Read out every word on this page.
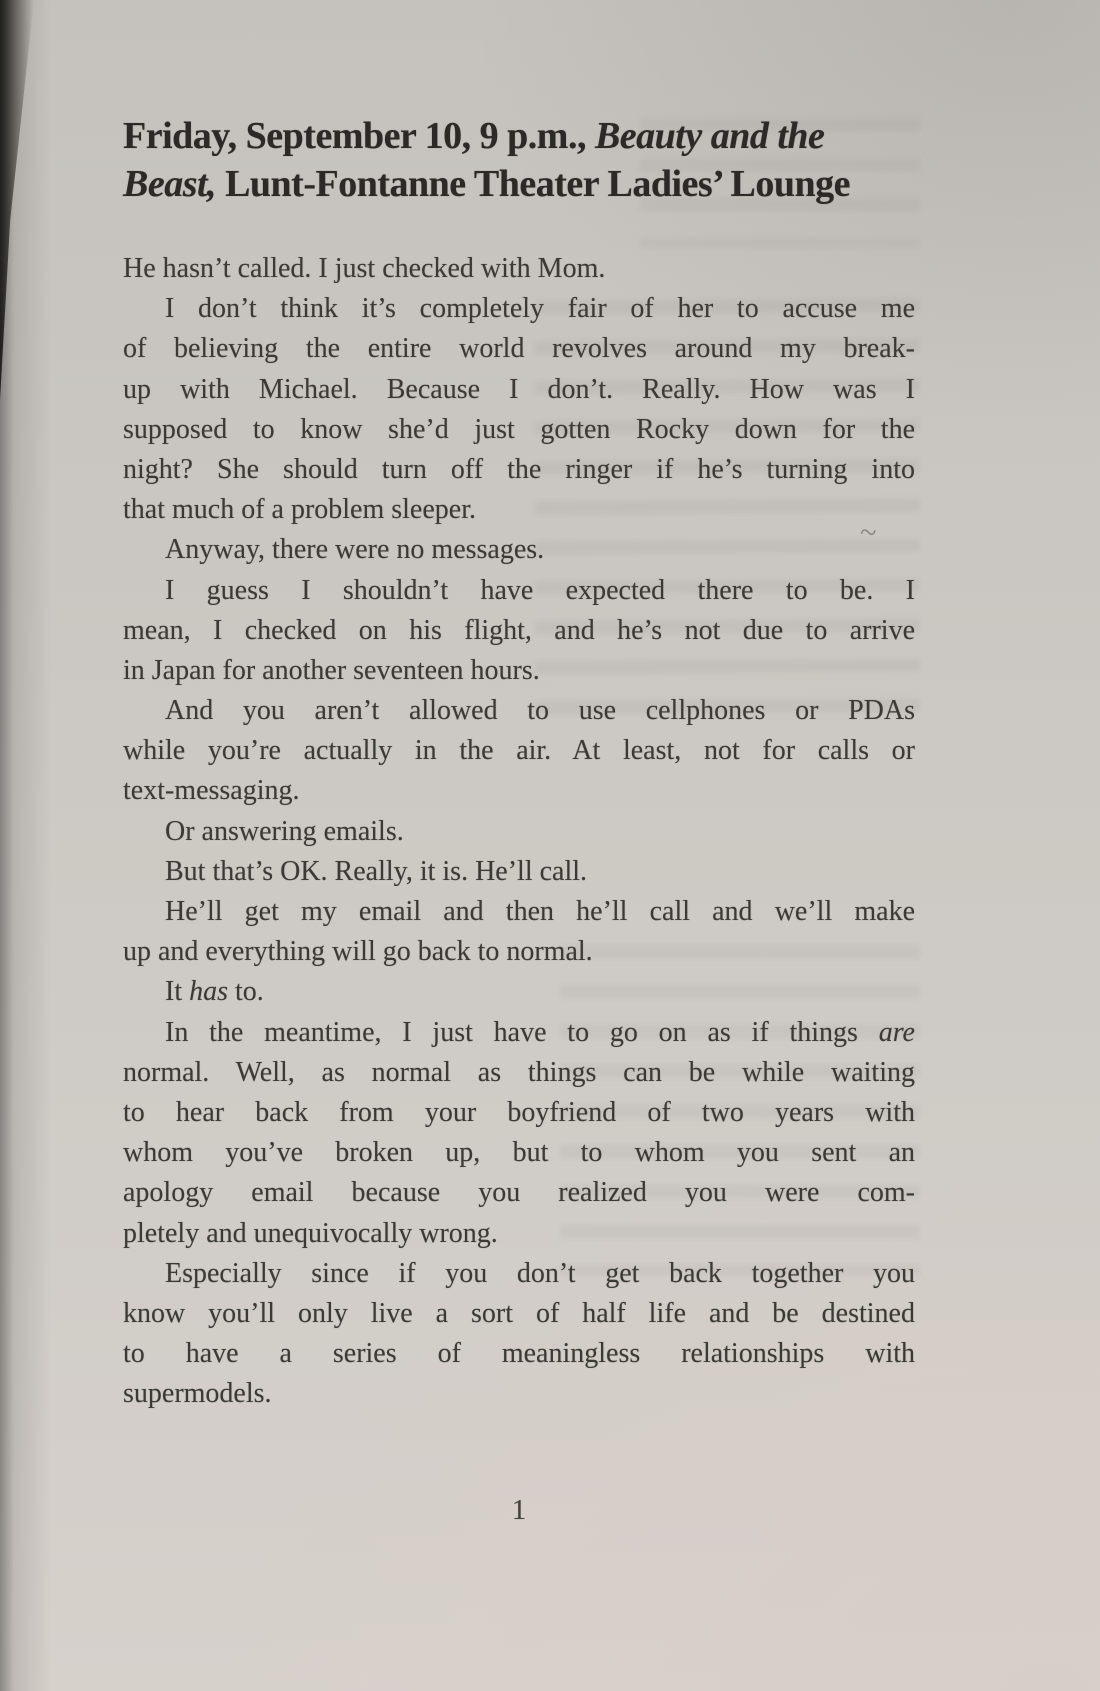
Friday, September 10, 9 p.m., Beauty and the
Beast, Lunt-Fontanne Theater Ladies’ Lounge
He hasn’t called. I just checked with Mom.
I don’t think it’s completely fair of her to accuse me
of believing the entire world revolves around my break-
up with Michael. Because I don’t. Really. How was I
supposed to know she’d just gotten Rocky down for the
night? She should turn off the ringer if he’s turning into
that much of a problem sleeper.
Anyway, there were no messages.
I guess I shouldn’t have expected there to be. I
mean, I checked on his flight, and he’s not due to arrive
in Japan for another seventeen hours.
And you aren’t allowed to use cellphones or PDAs
while you’re actually in the air. At least, not for calls or
text-messaging.
Or answering emails.
But that’s OK. Really, it is. He’ll call.
He’ll get my email and then he’ll call and we’ll make
up and everything will go back to normal.
It has to.
In the meantime, I just have to go on as if things are
normal. Well, as normal as things can be while waiting
to hear back from your boyfriend of two years with
whom you’ve broken up, but to whom you sent an
apology email because you realized you were com-
pletely and unequivocally wrong.
Especially since if you don’t get back together you
know you’ll only live a sort of half life and be destined
to have a series of meaningless relationships with
supermodels.
1
~
